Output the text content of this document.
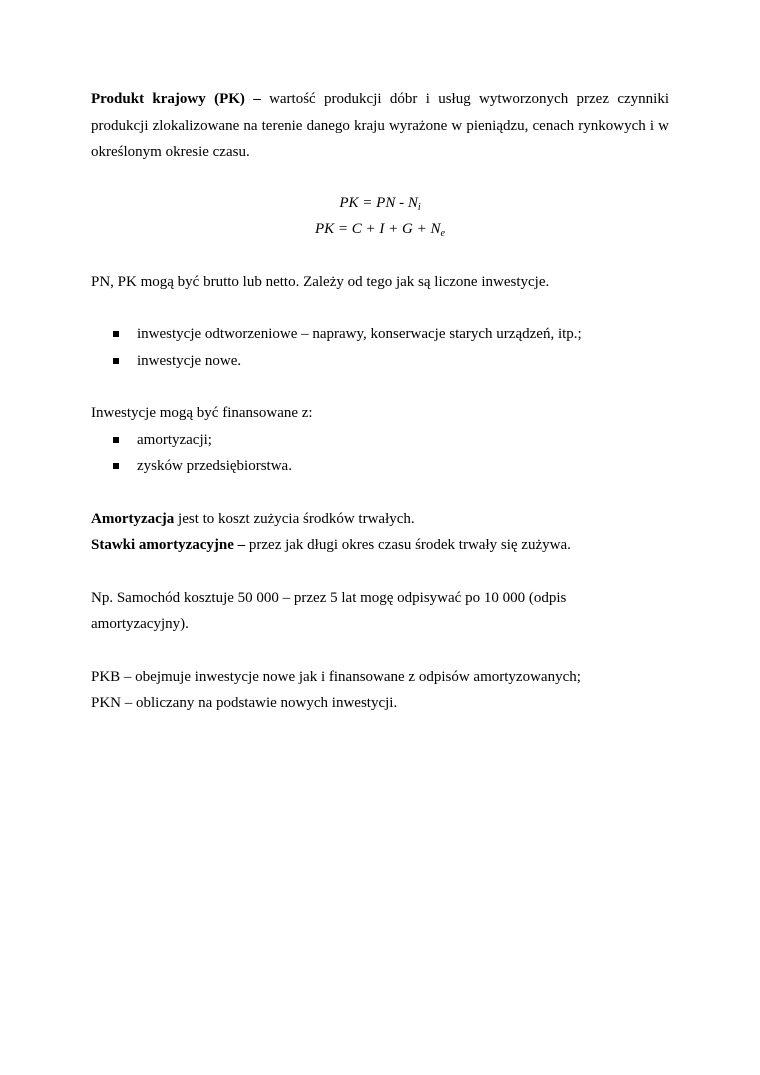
Produkt krajowy (PK) – wartość produkcji dóbr i usług wytworzonych przez czynniki produkcji zlokalizowane na terenie danego kraju wyrażone w pieniądzu, cenach rynkowych i w określonym okresie czasu.

PK = PN - $N_i$

PK = $C + I + G + N_e$

PN, PK mogą być brutto lub netto. Zależy od tego jak są liczone inwestycje.

inwestycje odtworzeniowe – naprawy, konserwacje starych urządzeń, itp.;
inwestycje nowe.

Inwestycje mogą być finansowane z:

amortyzacji;
zysków przedsiębiorstwa.

Amortyzacja jest to koszt zużycia środków trwałych.

Stawki amortyzacyjne – przez jak długi okres czasu środek trwały się zużywa.

Np. Samochód kosztuje 50 000 – przez 5 lat mogę odpisywać po 10 000 (odpis amortyzacyjny).

PKB – obejmuje inwestycje nowe jak i finansowane z odpisów amortyzowanych;

PKN – obliczany na podstawie nowych inwestycji.
